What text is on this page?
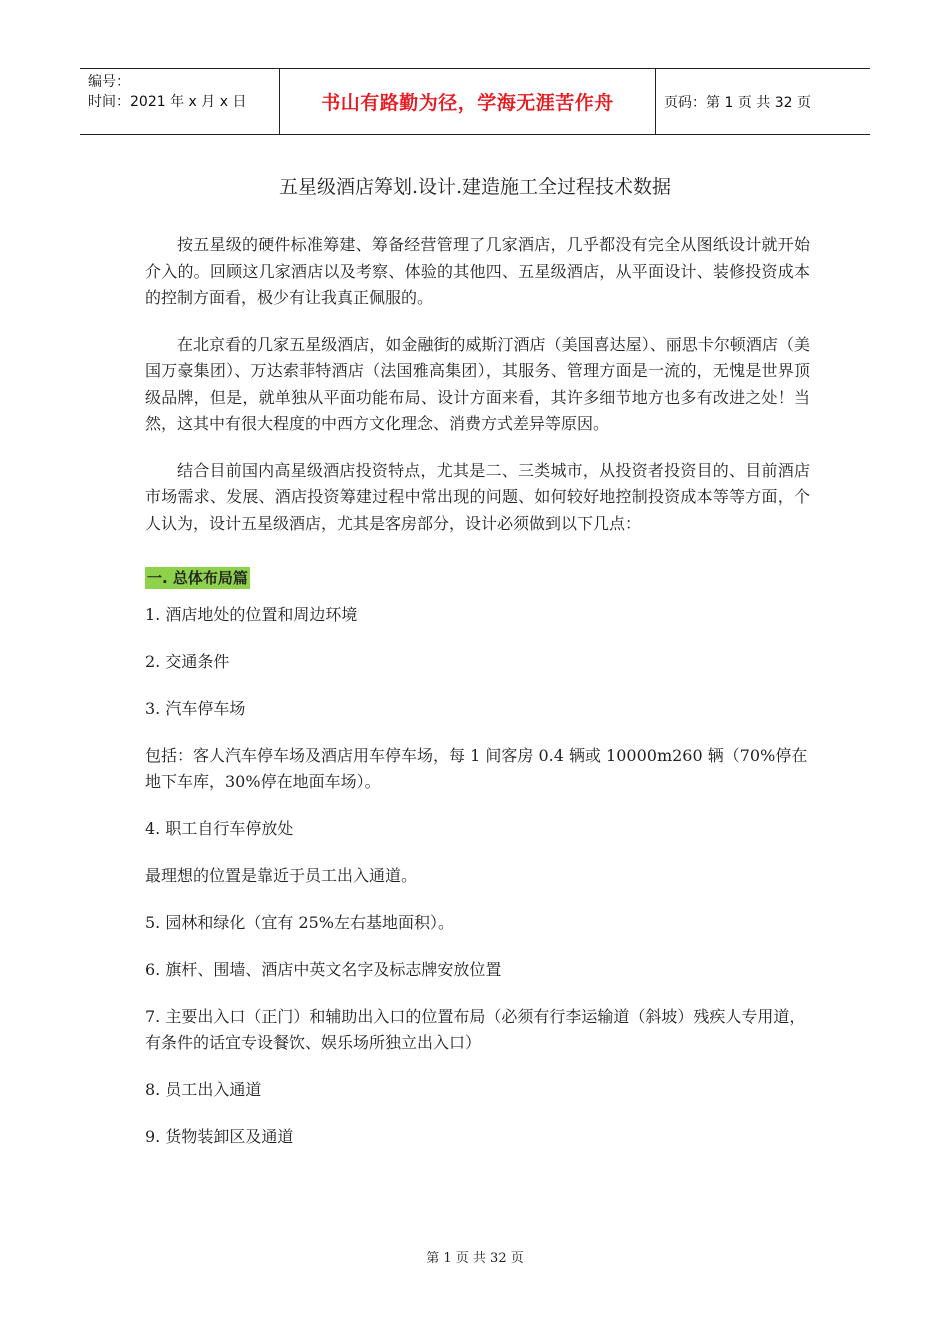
编号：
时间：2021 年 x 月 x 日	书山有路勤为径，学海无涯苦作舟	页码：第 1 页 共 32 页
五星级酒店筹划.设计.建造施工全过程技术数据

按五星级的硬件标准筹建、筹备经营管理了几家酒店，几乎都没有完全从图纸设计就开始介入的。回顾这几家酒店以及考察、体验的其他四、五星级酒店，从平面设计、装修投资成本的控制方面看，极少有让我真正佩服的。

在北京看的几家五星级酒店，如金融街的威斯汀酒店（美国喜达屋）、丽思卡尔顿酒店（美国万豪集团）、万达索菲特酒店（法国雅高集团），其服务、管理方面是一流的，无愧是世界顶级品牌，但是，就单独从平面功能布局、设计方面来看，其许多细节地方也多有改进之处！当然，这其中有很大程度的中西方文化理念、消费方式差异等原因。

结合目前国内高星级酒店投资特点，尤其是二、三类城市，从投资者投资目的、目前酒店市场需求、发展、酒店投资筹建过程中常出现的问题、如何较好地控制投资成本等等方面，个人认为，设计五星级酒店，尤其是客房部分，设计必须做到以下几点：

一. 总体布局篇
1. 酒店地处的位置和周边环境
2. 交通条件
3. 汽车停车场
包括：客人汽车停车场及酒店用车停车场，每 1 间客房 0.4 辆或 10000m260 辆（70%停在地下车库，30%停在地面车场）。
4. 职工自行车停放处
最理想的位置是靠近于员工出入通道。
5. 园林和绿化（宜有 25%左右基地面积）。
6. 旗杆、围墙、酒店中英文名字及标志牌安放位置
7. 主要出入口（正门）和辅助出入口的位置布局（必须有行李运输道（斜坡）残疾人专用道，有条件的话宜专设餐饮、娱乐场所独立出入口）
8. 员工出入通道
9. 货物装卸区及通道
第 1 页 共 32 页
